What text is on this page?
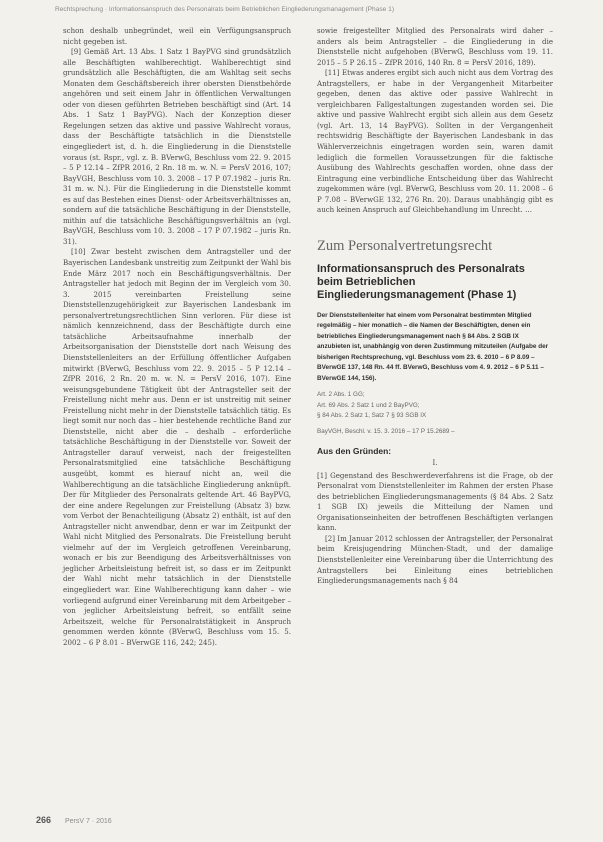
Rechtsprechung · Informationsanspruch des Personalrats beim Betrieblichen Eingliederungsmanagement (Phase 1)

schon deshalb unbegründet, weil ein Verfügungsanspruch nicht gegeben ist.

[9] Gemäß Art. 13 Abs. 1 Satz 1 BayPVG sind grundsätzlich alle Beschäftigten wahlberechtigt. Wahlberechtigt sind grundsätzlich alle Beschäftigten, die am Wahltag seit sechs Monaten dem Geschäftsbereich ihrer obersten Dienstbehörde angehören und seit einem Jahr in öffentlichen Verwaltungen oder von diesen geführten Betrieben beschäftigt sind (Art. 14 Abs. 1 Satz 1 BayPVG). Nach der Konzeption dieser Regelungen setzen das aktive und passive Wahlrecht voraus, dass der Beschäftigte tatsächlich in die Dienststelle eingegliedert ist, d. h. die Eingliederung in die Dienststelle voraus (st. Rspr., vgl. z. B. BVerwG, Beschluss vom 22. 9. 2015 – 5 P 12.14 – ZfPR 2016, 2 Rn. 18 m. w. N. = PersV 2016, 107; BayVGH, Beschluss vom 10. 3. 2008 – 17 P 07.1982 – juris Rn. 31 m. w. N.). Für die Eingliederung in die Dienststelle kommt es auf das Bestehen eines Dienst- oder Arbeitsverhältnisses an, sondern auf die tatsächliche Beschäftigung in der Dienststelle, mithin auf die tatsächliche Beschäftigungsverhältnis an (vgl. BayVGH, Beschluss vom 10. 3. 2008 – 17 P 07.1982 – juris Rn. 31).

[10] Zwar besteht zwischen dem Antragsteller und der Bayerischen Landesbank unstreitig zum Zeitpunkt der Wahl bis Ende März 2017 noch ein Beschäftigungsverhältnis. Der Antragsteller hat jedoch mit Beginn der im Vergleich vom 30. 3. 2015 vereinbarten Freistellung seine Dienststellenzugehörigkeit zur Bayerischen Landesbank im personalvertretungsrechtlichen Sinn verloren. Für diese ist nämlich kennzeichnend, dass der Beschäftigte durch eine tatsächliche Arbeitsaufnahme innerhalb der Arbeitsorganisation der Dienststelle dort nach Weisung des Dienststellenleiters an der Erfüllung öffentlicher Aufgaben mitwirkt (BVerwG, Beschluss vom 22. 9. 2015 – 5 P 12.14 – ZfPR 2016, 2 Rn. 20 m. w. N. = PersV 2016, 107). Eine weisungsgebundene Tätigkeit übt der Antragsteller seit der Freistellung nicht mehr aus. Denn er ist unstreitig mit seiner Freistellung nicht mehr in der Dienststelle tatsächlich tätig. Es liegt somit nur noch das – hier bestehende rechtliche Band zur Dienststelle, nicht aber die – deshalb – erforderliche tatsächliche Beschäftigung in der Dienststelle vor. Soweit der Antragsteller darauf verweist, nach der freigestellten Personalratsmitglied eine tatsächliche Beschäftigung ausgeübt, kommt es hierauf nicht an, weil die Wahlberechtigung an die tatsächliche Eingliederung anknüpft. Der für Mitglieder des Personalrats geltende Art. 46 BayPVG, der eine andere Regelungen zur Freistellung (Absatz 3) bzw. vom Verbot der Benachteiligung (Absatz 2) enthält, ist auf den Antragsteller nicht anwendbar, denn er war im Zeitpunkt der Wahl nicht Mitglied des Personalrats. Die Freistellung beruht vielmehr auf der im Vergleich getroffenen Vereinbarung, wonach er bis zur Beendigung des Arbeitsverhältnisses von jeglicher Arbeitsleistung befreit ist, so dass er im Zeitpunkt der Wahl nicht mehr tatsächlich in der Dienststelle eingegliedert war. Eine Wahlberechtigung kann daher – wie vorliegend aufgrund einer Vereinbarung mit dem Arbeitgeber – von jeglicher Arbeitsleistung befreit, so entfällt seine Arbeitszeit, welche für Personalratstätigkeit in Anspruch genommen werden könnte (BVerwG, Beschluss vom 15. 5. 2002 – 6 P 8.01 – BVerwGE 116, 242; 245).

sowie freigestellter Mitglied des Personalrats wird daher – anders als beim Antragsteller – die Eingliederung in die Dienststelle nicht aufgehoben (BVerwG, Beschluss vom 19. 11. 2015 – 5 P 26.15 – ZfPR 2016, 140 Rn. 8 = PersV 2016, 189).

[11] Etwas anderes ergibt sich auch nicht aus dem Vortrag des Antragstellers, er habe in der Vergangenheit Mitarbeiter gegeben, denen das aktive oder passive Wahlrecht in vergleichbaren Fallgestaltungen zugestanden worden sei. Die aktive und passive Wahlrecht ergibt sich allein aus dem Gesetz (vgl. Art. 13, 14 BayPVG). Sollten in der Vergangenheit rechtswidrig Beschäftigte der Bayerischen Landesbank in das Wählerverzeichnis eingetragen worden sein, waren damit lediglich die formellen Voraussetzungen für die faktische Ausübung des Wahlrechts geschaffen worden, ohne dass der Eintragung eine verbindliche Entscheidung über das Wahlrecht zugekommen wäre (vgl. BVerwG, Beschluss vom 20. 11. 2008 – 6 P 7.08 – BVerwGE 132, 276 Rn. 20). Daraus unabhängig gibt es auch keinen Anspruch auf Gleichbehandlung im Unrecht. …

Zum Personalvertretungsrecht
Informationsanspruch des Personalrats beim Betrieblichen Eingliederungsmanagement (Phase 1)
Der Dienststellenleiter hat einem vom Personalrat bestimmten Mitglied regelmäßig – hier monatlich – die Namen der Beschäftigten, denen ein betriebliches Eingliederungsmanagement nach § 84 Abs. 2 SGB IX anzubieten ist, unabhängig von deren Zustimmung mitzuteilen (Aufgabe der bisherigen Rechtsprechung, vgl. Beschluss vom 23. 6. 2010 – 6 P 8.09 – BVerwGE 137, 148 Rn. 44 ff. BVerwG, Beschluss vom 4. 9. 2012 – 6 P 5.11 – BVerwGE 144, 156).
Art. 2 Abs. 1 GG;
Art. 69 Abs. 2 Satz 1 und 2 BayPVG;
§ 84 Abs. 2 Satz 1, Satz 7 § 93 SGB IX
BayVGH, Beschl. v. 15. 3. 2016 – 17 P 15.2689 –
Aus den Gründen:
I.

[1] Gegenstand des Beschwerdeverfahrens ist die Frage, ob der Personalrat vom Dienststellenleiter im Rahmen der ersten Phase des betrieblichen Eingliederungsmanagements (§ 84 Abs. 2 Satz 1 SGB IX) jeweils die Mitteilung der Namen und Organisationseinheiten der betroffenen Beschäftigten verlangen kann.

[2] Im Januar 2012 schlossen der Antragsteller, der Personalrat beim Kreisjugendring München-Stadt, und der damalige Dienststellenleiter eine Vereinbarung über die Unterrichtung des Antragstellers bei Einleitung eines betrieblichen Eingliederungsmanagements nach § 84

266 PersV 7 · 2016
